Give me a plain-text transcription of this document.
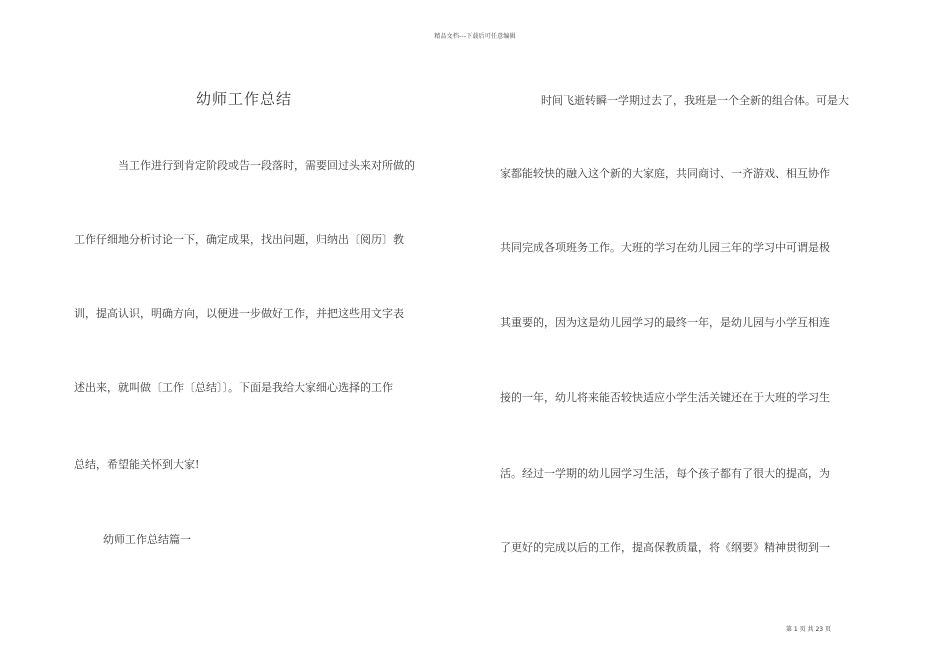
精品文档---下载后可任意编辑
幼师工作总结
当工作进行到肯定阶段或告一段落时，需要回过头来对所做的
工作仔细地分析讨论一下，确定成果，找出问题，归纳出〔阅历〕教
训，提高认识，明确方向，以便进一步做好工作，并把这些用文字表
述出来，就叫做〔工作〔总结〕〕。下面是我给大家细心选择的工作
总结，希望能关怀到大家!
幼师工作总结篇一
时间飞逝转瞬一学期过去了，我班是一个全新的组合体。可是大
家都能较快的融入这个新的大家庭，共同商讨、一齐游戏、相互协作
共同完成各项班务工作。大班的学习在幼儿园三年的学习中可谓是极
其重要的，因为这是幼儿园学习的最终一年，是幼儿园与小学互相连
接的一年，幼儿将来能否较快适应小学生活关键还在于大班的学习生
活。经过一学期的幼儿园学习生活，每个孩子都有了很大的提高，为
了更好的完成以后的工作，提高保教质量，将《纲要》精神贯彻到一
第 1 页 共 23 页
